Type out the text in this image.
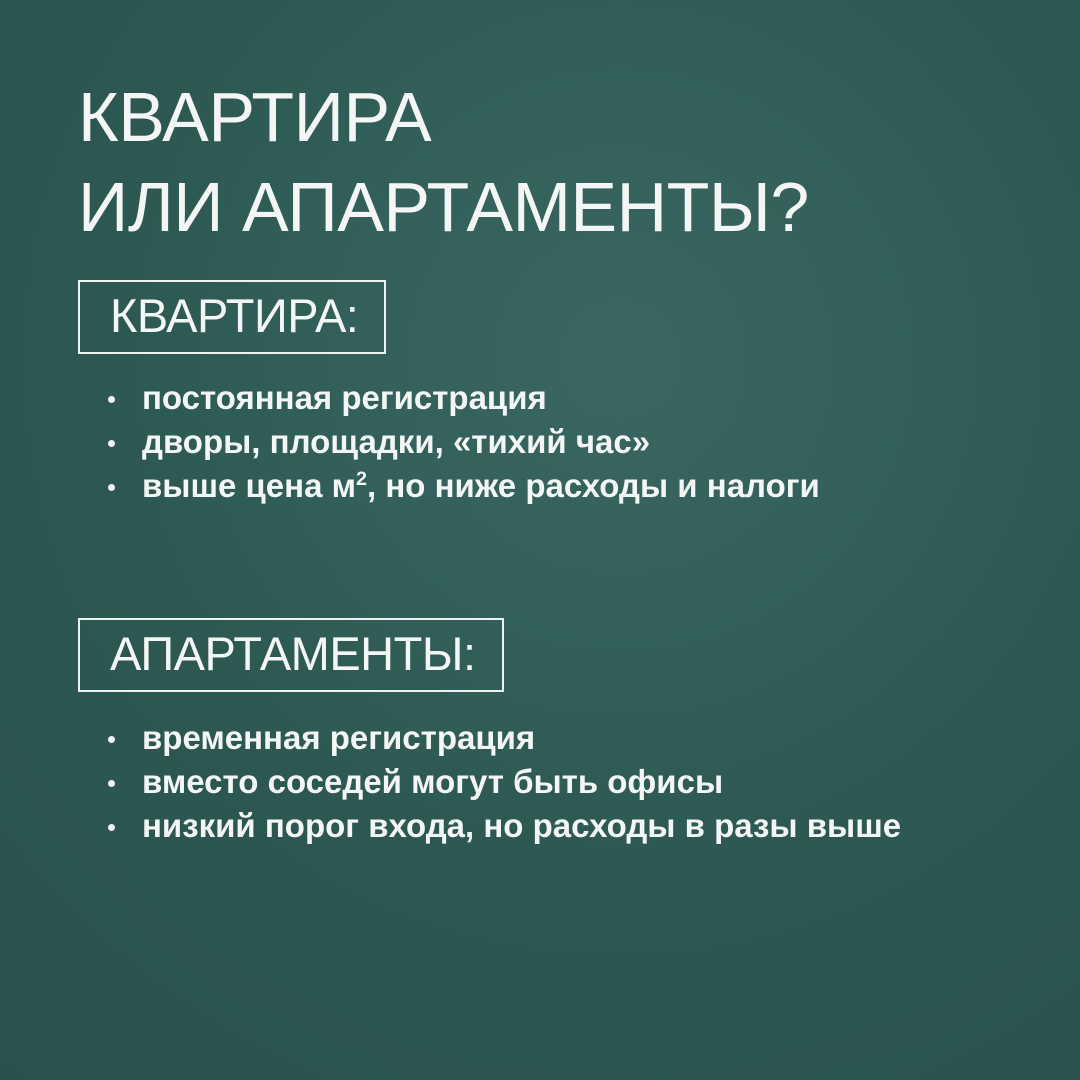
КВАРТИРА
ИЛИ АПАРТАМЕНТЫ?
КВАРТИРА:
постоянная регистрация
дворы, площадки, «тихий час»
выше цена $м^2$, но ниже расходы и налоги
АПАРТАМЕНТЫ:
временная регистрация
вместо соседей могут быть офисы
низкий порог входа, но расходы в разы выше
